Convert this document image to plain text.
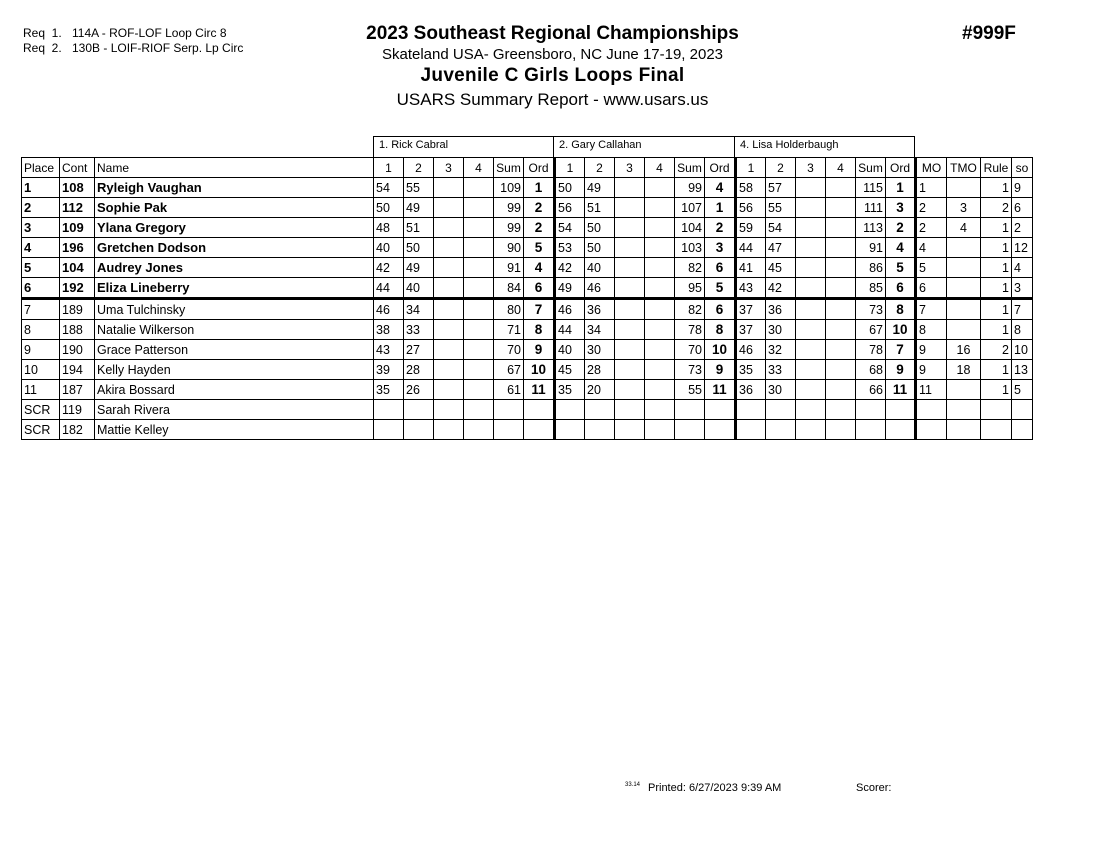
Req  1. 114A - ROF-LOF Loop Circ 8
Req  2. 130B - LOIF-RIOF Serp. Lp Circ
2023 Southeast Regional Championships
Skateland USA- Greensboro, NC June 17-19, 2023
Juvenile C Girls Loops Final
USARS Summary Report - www.usars.us
#999F
1. Rick Cabral	2. Gary Callahan	4. Lisa Holderbaugh
Place	Cont	Name	1	2	3	4	Sum	Ord	1	2	3	4	Sum	Ord	1	2	3	4	Sum	Ord	MO	TMO	Rule	so
1	108	Ryleigh Vaughan	54	55			109	1	50	49			99	4	58	57			115	1	1		1	9
2	112	Sophie Pak	50	49			99	2	56	51			107	1	56	55			111	3	2	3	2	6
3	109	Ylana Gregory	48	51			99	2	54	50			104	2	59	54			113	2	2	4	1	2
4	196	Gretchen Dodson	40	50			90	5	53	50			103	3	44	47			91	4	4		1	12
5	104	Audrey Jones	42	49			91	4	42	40			82	6	41	45			86	5	5		1	4
6	192	Eliza Lineberry	44	40			84	6	49	46			95	5	43	42			85	6	6		1	3
7	189	Uma Tulchinsky	46	34			80	7	46	36			82	6	37	36			73	8	7		1	7
8	188	Natalie Wilkerson	38	33			71	8	44	34			78	8	37	30			67	10	8		1	8
9	190	Grace Patterson	43	27			70	9	40	30			70	10	46	32			78	7	9	16	2	10
10	194	Kelly Hayden	39	28			67	10	45	28			73	9	35	33			68	9	9	18	1	13
11	187	Akira Bossard	35	26			61	11	35	20			55	11	36	30			66	11	11		1	5
SCR	119	Sarah Rivera																						
SCR	182	Mattie Kelley																						
33.14 Printed: 6/27/2023 9:39 AM	Scorer:
